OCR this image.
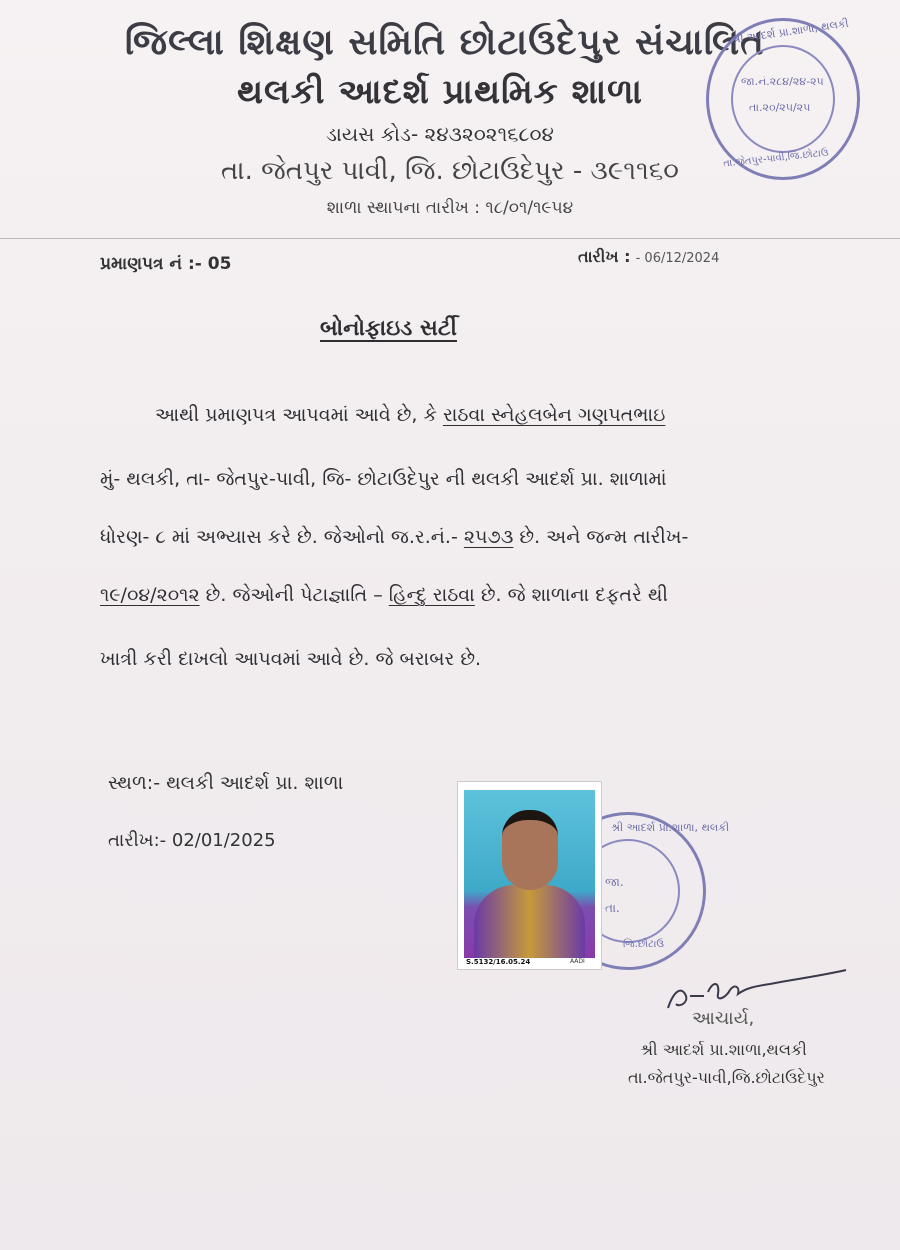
જિલ્લા શિક્ષણ સમિતિ છોટાઉદેપુર સંચાલિત
થલકી આદર્શ પ્રાથમિક શાળા
ડાયસ કોડ- ૨૪૩૨૦૨૧૬૮૦૪
તા. જેતપુર પાવી, જિ. છોટાઉદેપુર - ૩૯૧૧૬૦
શાળા સ્થાપના તારીખ : ૧૮/૦૧/૧૯૫૪
શ્રી આદર્શ પ્રા.શાળા, થલકી
જા.નં.૨૮૪/૨૪-૨૫
તા.૨૦/૨૫/૨૫
તા.જેતપુર-પાવી,જિ.છોટાઉ
પ્રમાણપત્ર નં :- 05	તારીખ : - 06/12/2024
બોનોફાઇડ સર્ટી
આથી પ્રમાણપત્ર આપવમાં આવે છે, કે રાઠવા સ્નેહલબેન ગણપતભાઇ
મું- થલકી, તા- જેતપુર-પાવી, જિ- છોટાઉદેપુર ની થલકી આદર્શ પ્રા. શાળામાં
ધોરણ- ૮ માં અભ્યાસ કરે છે. જેઓનો જ.ર.નં.- ૨૫૭૩ છે. અને જન્મ તારીખ-
૧૯/૦૪/૨૦૧૨ છે. જેઓની પેટાજ્ઞાતિ – હિન્દુ રાઠવા છે. જે શાળાના દફતરે થી
ખાત્રી કરી દાખલો આપવમાં આવે છે. જે બરાબર છે.
સ્થળ:- થલકી આદર્શ પ્રા. શાળા
તારીખ:- 02/01/2025
શ્રી આદર્શ પ્રા.શાળા, થલકી
જા.
તા.
જિ.છોટાઉ
S.5132/16.05.24	AADI
આચાર્ય,
શ્રી આદર્શ પ્રા.શાળા,થલકી
તા.જેતપુર-પાવી,જિ.છોટાઉદેપુર
